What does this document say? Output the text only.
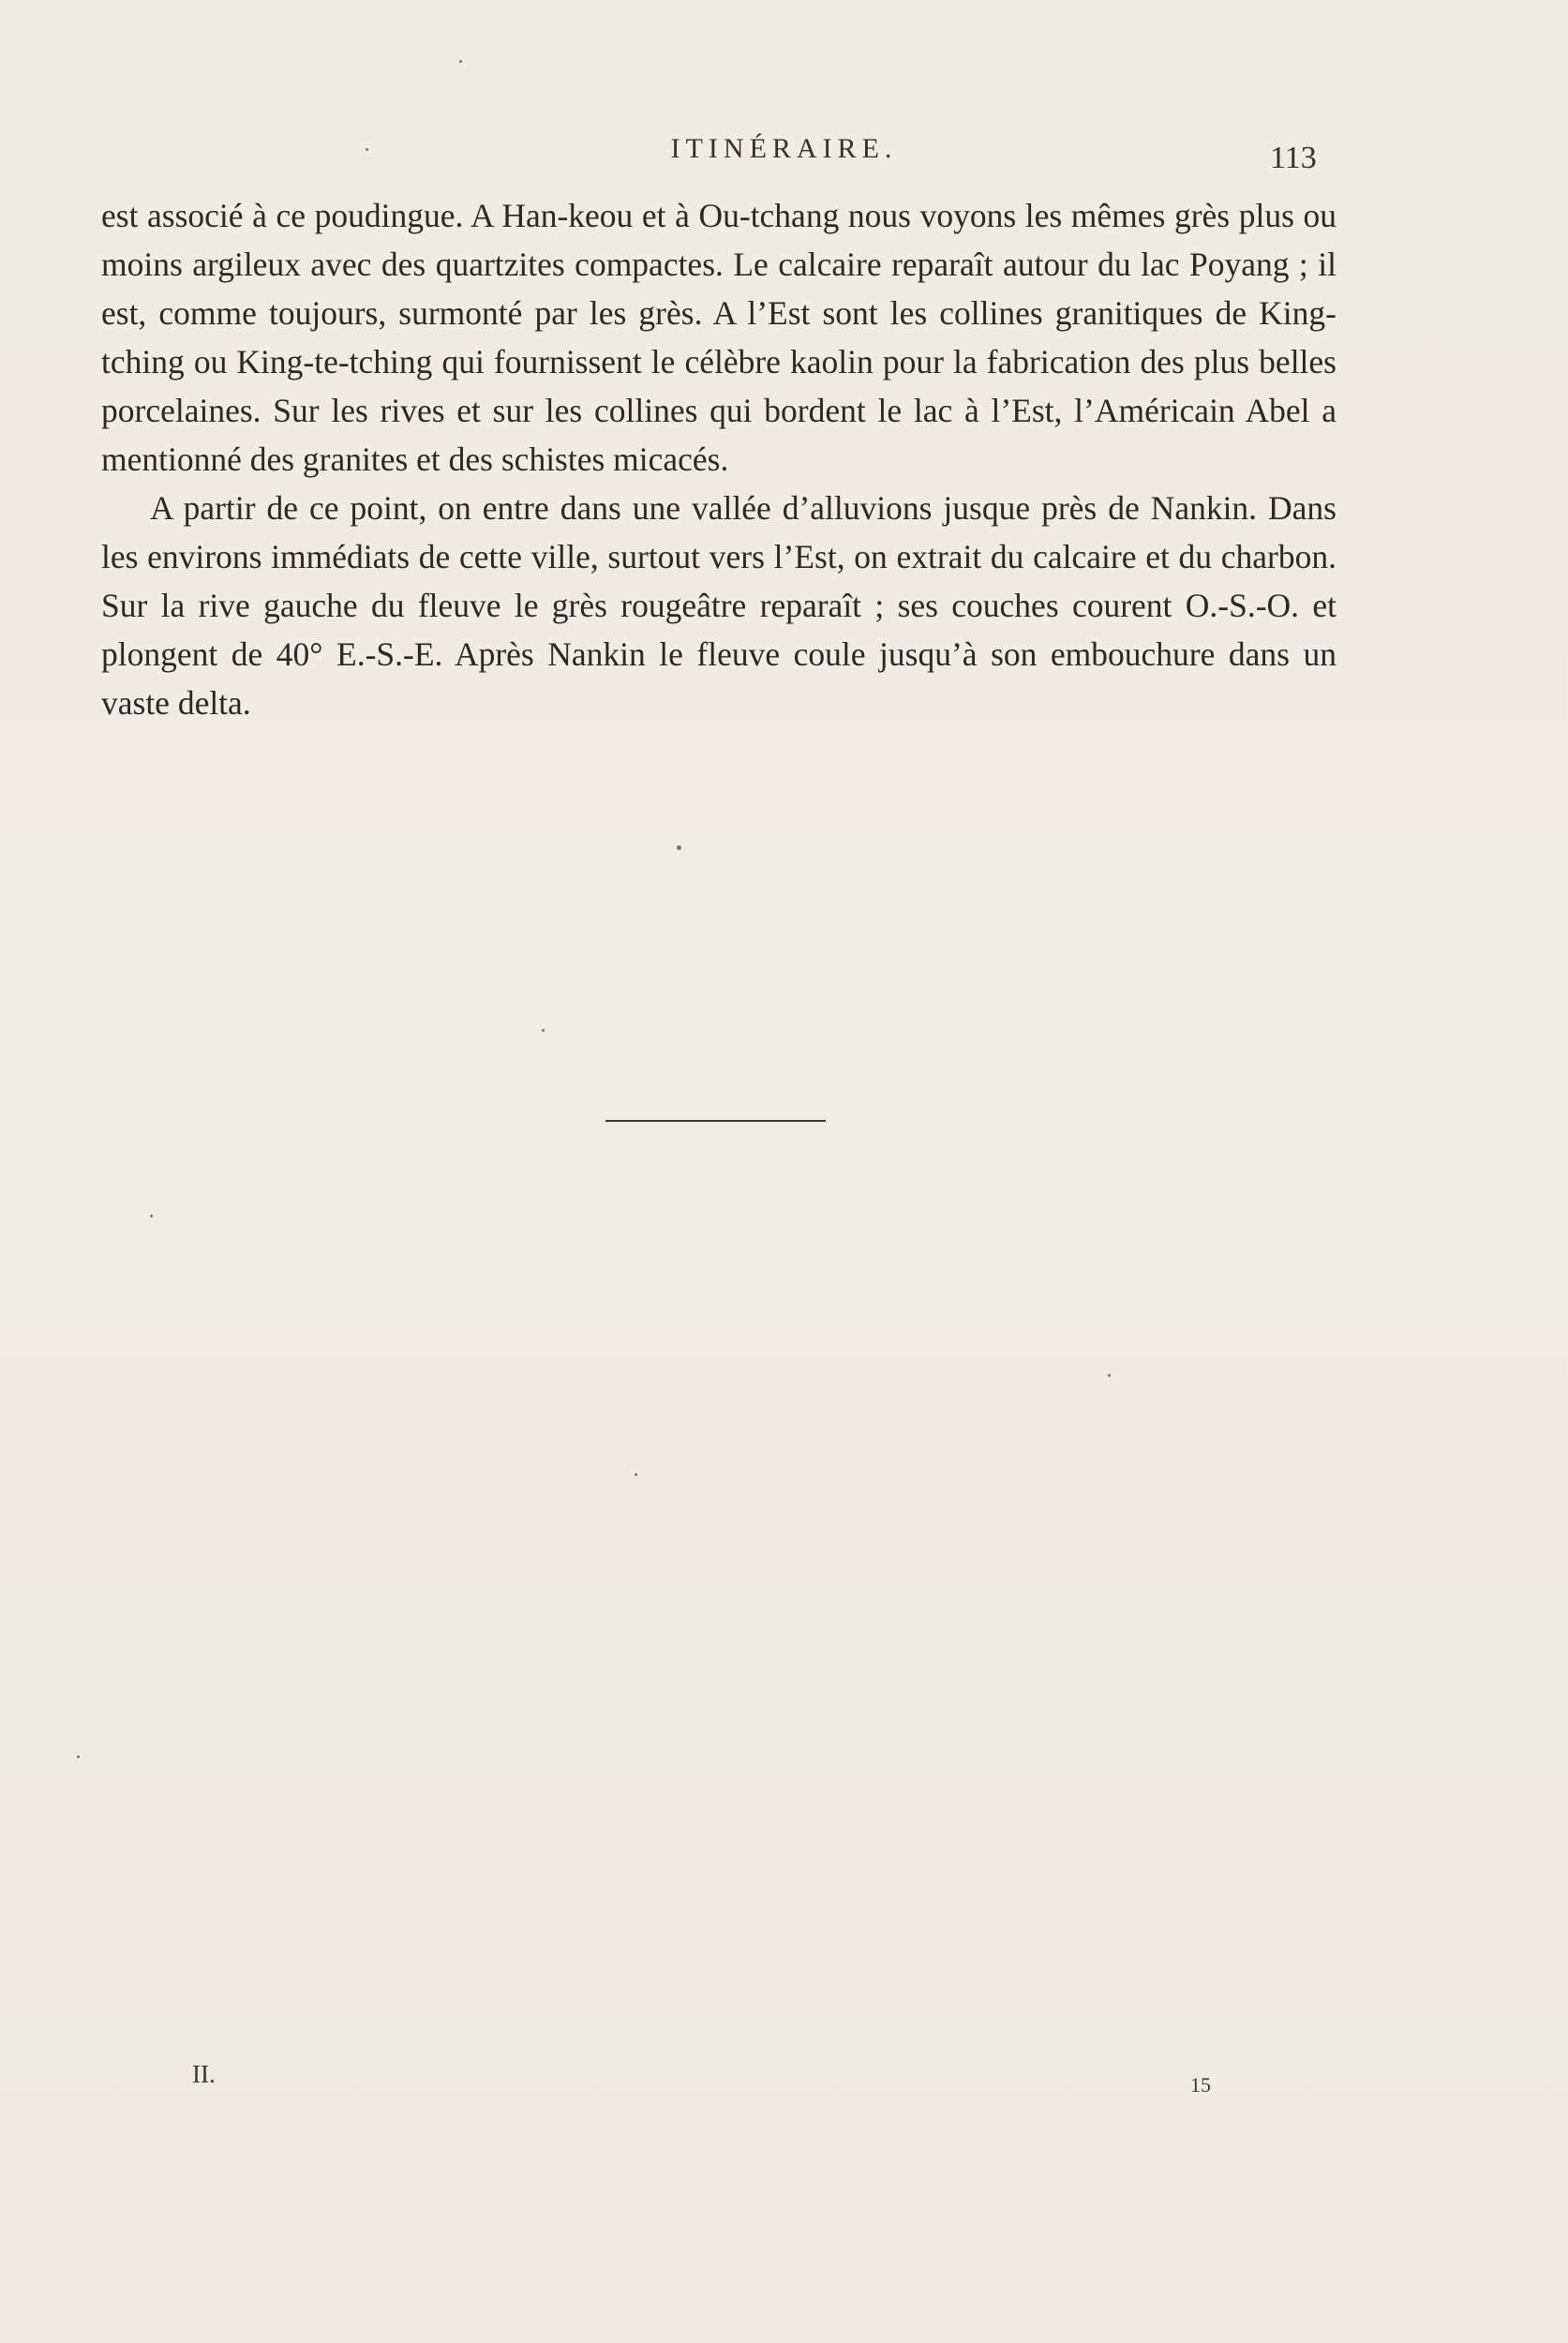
ITINÉRAIRE.	113

est associé à ce poudingue. A Han-keou et à Ou-tchang nous voyons les mêmes grès plus ou moins argileux avec des quartzites compactes. Le calcaire reparaît autour du lac Poyang ; il est, comme toujours, surmonté par les grès. A l’Est sont les collines granitiques de King-tching ou King-te-tching qui fournissent le célèbre kaolin pour la fabrication des plus belles porcelaines. Sur les rives et sur les collines qui bordent le lac à l’Est, l’Américain Abel a mentionné des granites et des schistes micacés.

A partir de ce point, on entre dans une vallée d’alluvions jusque près de Nankin. Dans les environs immédiats de cette ville, surtout vers l’Est, on extrait du calcaire et du charbon. Sur la rive gauche du fleuve le grès rougeâtre reparaît ; ses couches courent O.-S.-O. et plongent de 40° E.-S.-E. Après Nankin le fleuve coule jusqu’à son embouchure dans un vaste delta.

II.	15
